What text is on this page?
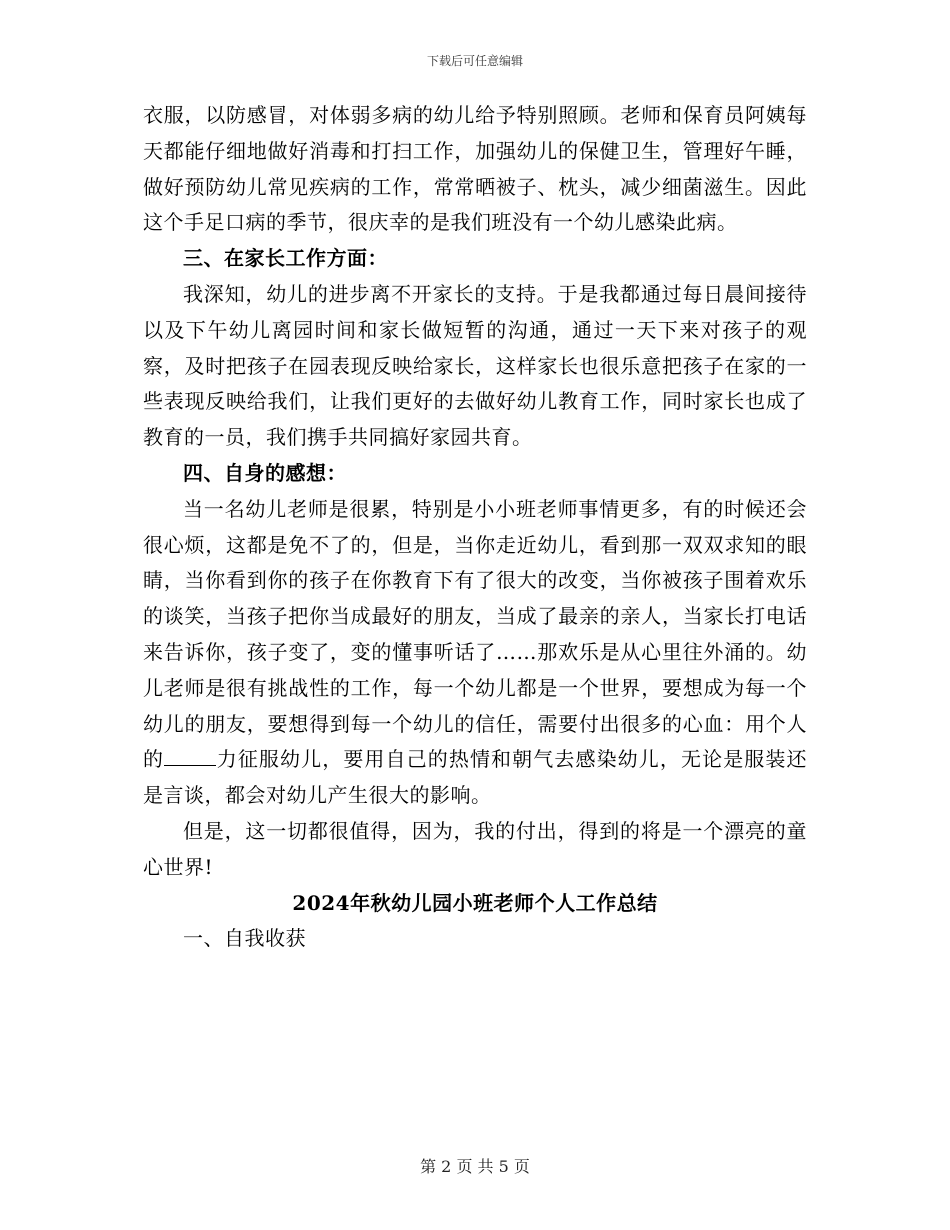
下载后可任意编辑

衣服，以防感冒，对体弱多病的幼儿给予特别照顾。老师和保育员阿姨每天都能仔细地做好消毒和打扫工作，加强幼儿的保健卫生，管理好午睡，做好预防幼儿常见疾病的工作，常常晒被子、枕头，减少细菌滋生。因此这个手足口病的季节，很庆幸的是我们班没有一个幼儿感染此病。

三、在家长工作方面：

我深知，幼儿的进步离不开家长的支持。于是我都通过每日晨间接待以及下午幼儿离园时间和家长做短暂的沟通，通过一天下来对孩子的观察，及时把孩子在园表现反映给家长，这样家长也很乐意把孩子在家的一些表现反映给我们，让我们更好的去做好幼儿教育工作，同时家长也成了教育的一员，我们携手共同搞好家园共育。

四、自身的感想：

当一名幼儿老师是很累，特别是小小班老师事情更多，有的时候还会很心烦，这都是免不了的，但是，当你走近幼儿，看到那一双双求知的眼睛，当你看到你的孩子在你教育下有了很大的改变，当你被孩子围着欢乐的谈笑，当孩子把你当成最好的朋友，当成了最亲的亲人，当家长打电话来告诉你，孩子变了，变的懂事听话了……那欢乐是从心里往外涌的。幼儿老师是很有挑战性的工作，每一个幼儿都是一个世界，要想成为每一个幼儿的朋友，要想得到每一个幼儿的信任，需要付出很多的心血：用个人的	力征服幼儿，要用自己的热情和朝气去感染幼儿，无论是服装还是言谈，都会对幼儿产生很大的影响。

但是，这一切都很值得，因为，我的付出，得到的将是一个漂亮的童心世界!

2024年秋幼儿园小班老师个人工作总结

一、自我收获

第 2 页 共 5 页
